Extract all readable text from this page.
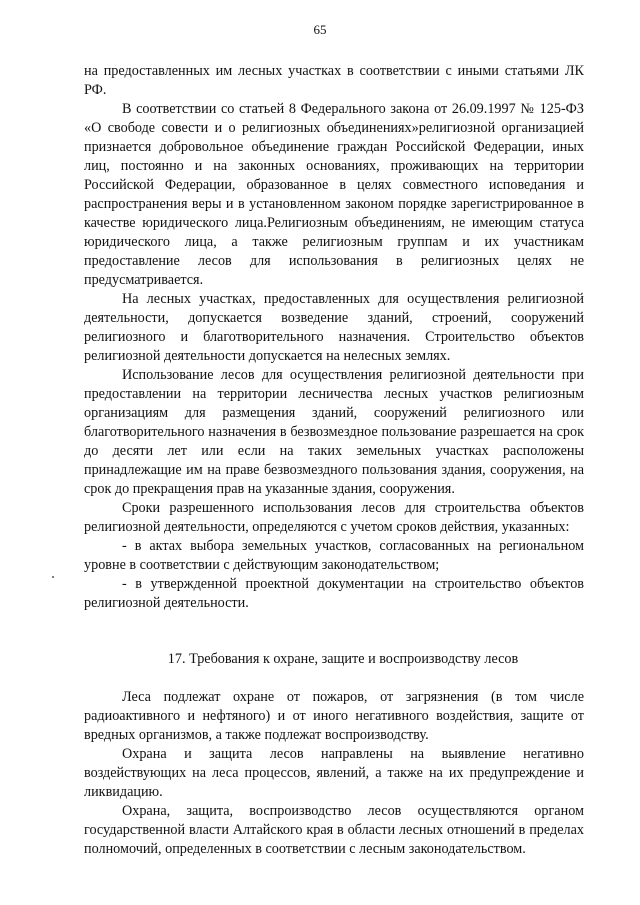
65

на предоставленных им лесных участках в соответствии с иными статьями ЛК РФ.

В соответствии со статьей 8 Федерального закона от 26.09.1997 № 125-ФЗ «О свободе совести и о религиозных объединениях»религиозной организацией признается добровольное объединение граждан Российской Федерации, иных лиц, постоянно и на законных основаниях, проживающих на территории Российской Федерации, образованное в целях совместного исповедания и распространения веры и в установленном законом порядке зарегистрированное в качестве юридического лица.Религиозным объединениям, не имеющим статуса юридического лица, а также религиозным группам и их участникам предоставление лесов для использования в религиозных целях не предусматривается.

На лесных участках, предоставленных для осуществления религиозной деятельности, допускается возведение зданий, строений, сооружений религиозного и благотворительного назначения. Строительство объектов религиозной деятельности допускается на нелесных землях.

Использование лесов для осуществления религиозной деятельности при предоставлении на территории лесничества лесных участков религиозным организациям для размещения зданий, сооружений религиозного или благотворительного назначения в безвозмездное пользование разрешается на срок до десяти лет или если на таких земельных участках расположены принадлежащие им на праве безвозмездного пользования здания, сооружения, на срок до прекращения прав на указанные здания, сооружения.

Сроки разрешенного использования лесов для строительства объектов религиозной деятельности, определяются с учетом сроков действия, указанных:

- в актах выбора земельных участков, согласованных на региональном уровне в соответствии с действующим законодательством;

- в утвержденной проектной документации на строительство объектов религиозной деятельности.

17. Требования к охране, защите и воспроизводству лесов

Леса подлежат охране от пожаров, от загрязнения (в том числе радиоактивного и нефтяного) и от иного негативного воздействия, защите от вредных организмов, а также подлежат воспроизводству.

Охрана и защита лесов направлены на выявление негативно воздействующих на леса процессов, явлений, а также на их предупреждение и ликвидацию.

Охрана, защита, воспроизводство лесов осуществляются органом государственной власти Алтайского края в области лесных отношений в пределах полномочий, определенных в соответствии с лесным законодательством.
